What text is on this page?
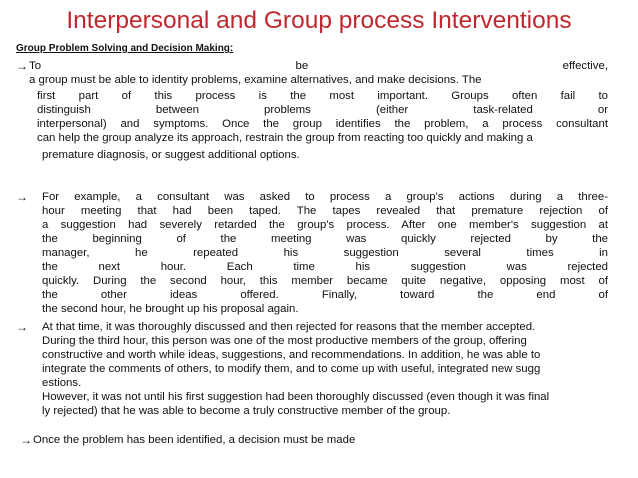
Interpersonal and Group process Interventions
Group Problem Solving and Decision Making:
→ To be effective,
a group must be able to identity problems, examine alternatives, and make decisions. The
first part of this process is the most important. Groups often fail to
distinguish between problems (either task-related or
interpersonal) and symptoms. Once the group identifies the problem, a process consultant
can help the group analyze its approach, restrain the group from reacting too quickly and making a
premature diagnosis, or suggest additional options.
→ For example, a consultant was asked to process a group's actions during a three-
hour meeting that had been taped. The tapes revealed that premature rejection of
a suggestion had severely retarded the group's process. After one member's suggestion at
the beginning of the meeting was quickly rejected by the
manager, he repeated his suggestion several times in
the next hour. Each time his suggestion was rejected
quickly. During the second hour, this member became quite negative, opposing most of
the other ideas offered. Finally, toward the end of
the second hour, he brought up his proposal again.
→ At that time, it was thoroughly discussed and then rejected for reasons that the member accepted.
During the third hour, this person was one of the most productive members of the group, offering
constructive and worth while ideas, suggestions, and recommendations. In addition, he was able to
integrate the comments of others, to modify them, and to come up with useful, integrated new sugg
estions.
However, it was not until his first suggestion had been thoroughly discussed (even though it was final
ly rejected) that he was able to become a truly constructive member of the group.
→ Once the problem has been identified, a decision must be made
